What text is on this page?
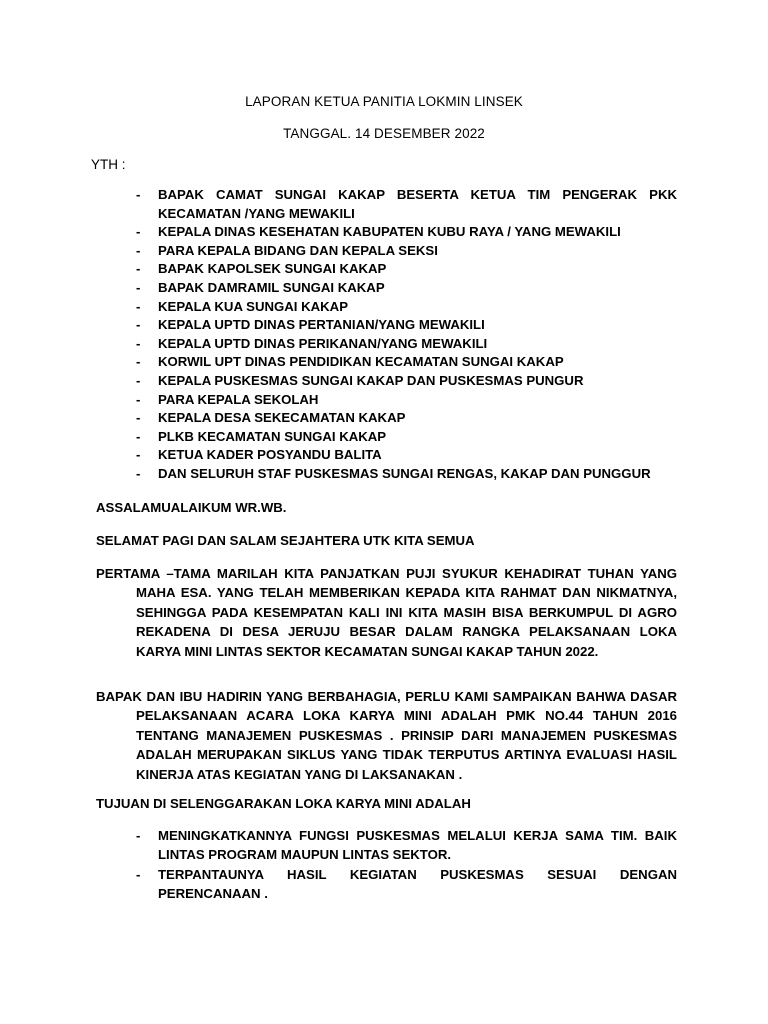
LAPORAN KETUA PANITIA LOKMIN LINSEK
TANGGAL. 14 DESEMBER 2022
YTH :
- BAPAK CAMAT SUNGAI KAKAP BESERTA KETUA TIM PENGERAK PKK KECAMATAN /YANG MEWAKILI
- KEPALA DINAS KESEHATAN KABUPATEN KUBU RAYA / YANG MEWAKILI
- PARA KEPALA BIDANG DAN KEPALA SEKSI
- BAPAK KAPOLSEK SUNGAI KAKAP
- BAPAK DAMRAMIL SUNGAI KAKAP
- KEPALA KUA SUNGAI KAKAP
- KEPALA UPTD DINAS PERTANIAN/YANG MEWAKILI
- KEPALA UPTD DINAS PERIKANAN/YANG MEWAKILI
- KORWIL UPT DINAS PENDIDIKAN KECAMATAN SUNGAI KAKAP
- KEPALA PUSKESMAS SUNGAI KAKAP DAN PUSKESMAS PUNGUR
- PARA KEPALA SEKOLAH
- KEPALA DESA SEKECAMATAN KAKAP
- PLKB KECAMATAN SUNGAI KAKAP
- KETUA KADER POSYANDU BALITA
- DAN SELURUH STAF PUSKESMAS SUNGAI RENGAS, KAKAP DAN PUNGGUR
ASSALAMUALAIKUM WR.WB.
SELAMAT PAGI DAN SALAM SEJAHTERA UTK KITA SEMUA
PERTAMA –TAMA MARILAH KITA PANJATKAN PUJI SYUKUR KEHADIRAT TUHAN YANG MAHA ESA. YANG TELAH MEMBERIKAN KEPADA KITA RAHMAT DAN NIKMATNYA, SEHINGGA PADA KESEMPATAN KALI INI KITA MASIH BISA BERKUMPUL DI AGRO REKADENA DI DESA JERUJU BESAR DALAM RANGKA PELAKSANAAN LOKA KARYA MINI LINTAS SEKTOR KECAMATAN SUNGAI KAKAP TAHUN 2022.
BAPAK DAN IBU HADIRIN YANG BERBAHAGIA, PERLU KAMI SAMPAIKAN BAHWA DASAR PELAKSANAAN ACARA LOKA KARYA MINI ADALAH PMK NO.44 TAHUN 2016 TENTANG MANAJEMEN PUSKESMAS . PRINSIP DARI MANAJEMEN PUSKESMAS ADALAH MERUPAKAN SIKLUS YANG TIDAK TERPUTUS ARTINYA EVALUASI HASIL KINERJA ATAS KEGIATAN YANG DI LAKSANAKAN .
TUJUAN DI SELENGGARAKAN LOKA KARYA MINI ADALAH
- MENINGKATKANNYA FUNGSI PUSKESMAS MELALUI KERJA SAMA TIM. BAIK LINTAS PROGRAM MAUPUN LINTAS SEKTOR.
- TERPANTAUNYA HASIL KEGIATAN PUSKESMAS SESUAI DENGAN PERENCANAAN .
